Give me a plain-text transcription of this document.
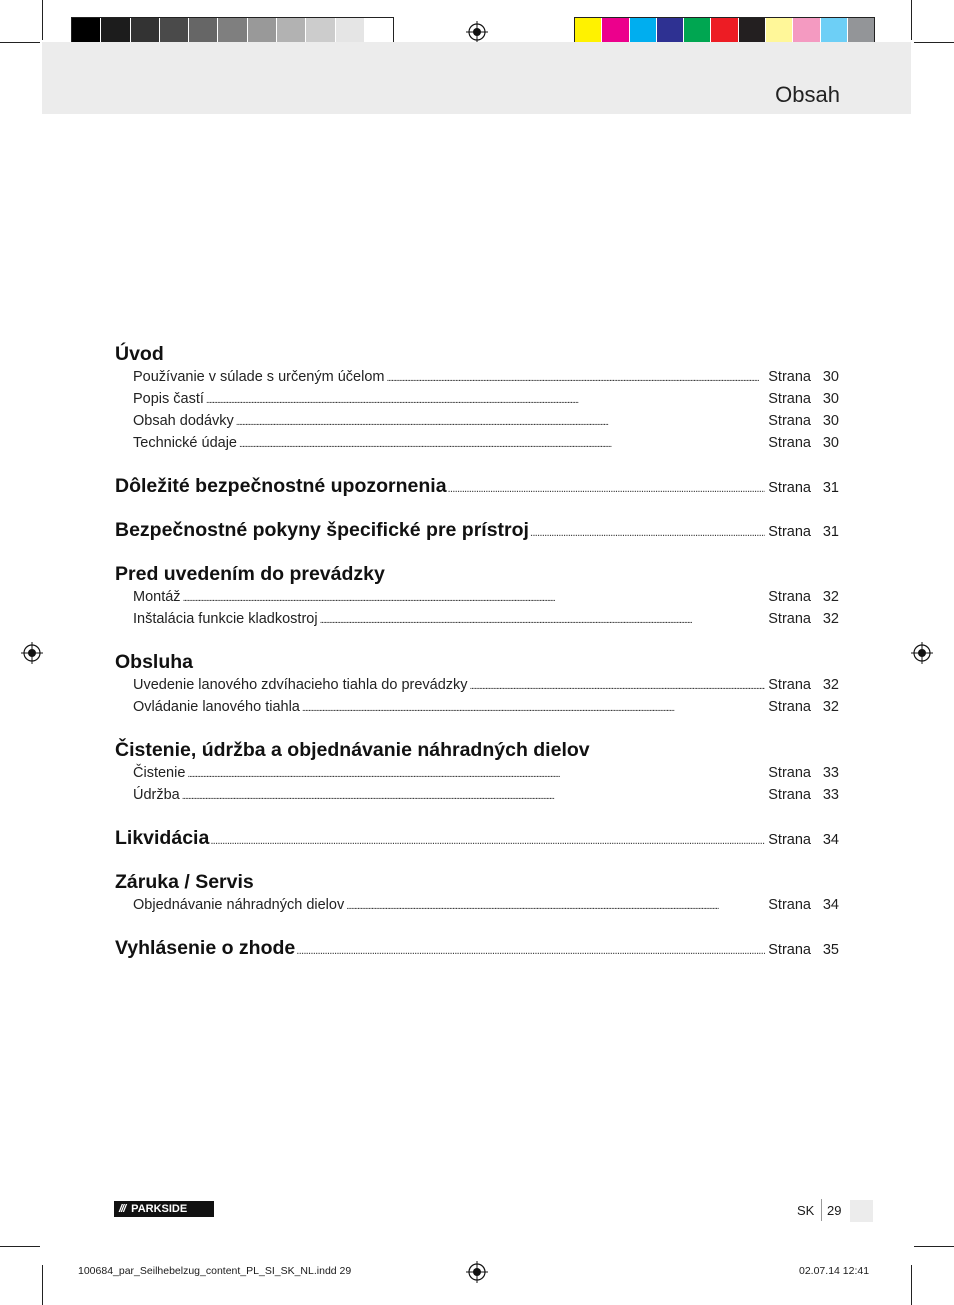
Obsah
Úvod
Používanie v súlade s určeným účelom . . .	Strana 30
Popis častí . . .	Strana 30
Obsah dodávky . . .	Strana 30
Technické údaje . . .	Strana 30
Dôležité bezpečnostné upozornenia . . .	Strana 31
Bezpečnostné pokyny špecifické pre prístroj . . .	Strana 31
Pred uvedením do prevádzky
Montáž . . .	Strana 32
Inštalácia funkcie kladkostroj . . .	Strana 32
Obsluha
Uvedenie lanového zdvíhacieho tiahla do prevádzky . . .	Strana 32
Ovládanie lanového tiahla . . .	Strana 32
Čistenie, údržba a objednávanie náhradných dielov
Čistenie . . .	Strana 33
Údržba . . .	Strana 33
Likvidácia . . .	Strana 34
Záruka / Servis
Objednávanie náhradných dielov . . .	Strana 34
Vyhlásenie o zhode . . .	Strana 35
/// PARKSIDE	SK 29
100684_par_Seilhebelzug_content_PL_SI_SK_NL.indd 29	02.07.14 12:41
